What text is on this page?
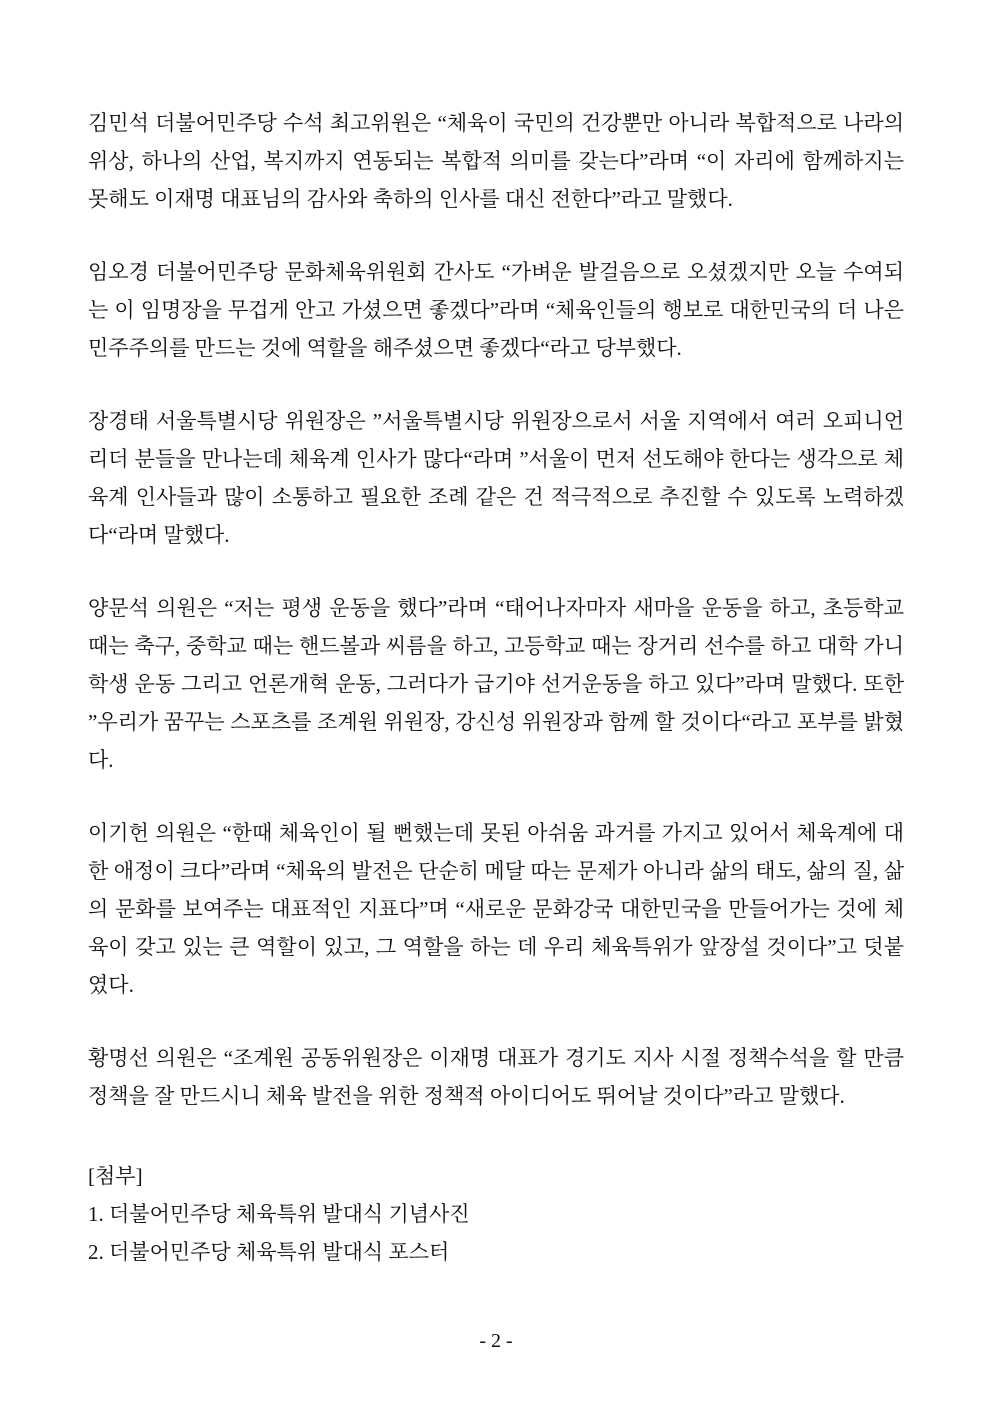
김민석 더불어민주당 수석 최고위원은 “체육이 국민의 건강뿐만 아니라 복합적으로 나라의 위상, 하나의 산업, 복지까지 연동되는 복합적 의미를 갖는다”라며 “이 자리에 함께하지는 못해도 이재명 대표님의 감사와 축하의 인사를 대신 전한다”라고 말했다.

임오경 더불어민주당 문화체육위원회 간사도 “가벼운 발걸음으로 오셨겠지만 오늘 수여되는 이 임명장을 무겁게 안고 가셨으면 좋겠다”라며 “체육인들의 행보로 대한민국의 더 나은 민주주의를 만드는 것에 역할을 해주셨으면 좋겠다“라고 당부했다.

장경태 서울특별시당 위원장은 ”서울특별시당 위원장으로서 서울 지역에서 여러 오피니언 리더 분들을 만나는데 체육계 인사가 많다“라며 ”서울이 먼저 선도해야 한다는 생각으로 체육계 인사들과 많이 소통하고 필요한 조례 같은 건 적극적으로 추진할 수 있도록 노력하겠다“라며 말했다.

양문석 의원은 “저는 평생 운동을 했다”라며 “태어나자마자 새마을 운동을 하고, 초등학교 때는 축구, 중학교 때는 핸드볼과 씨름을 하고, 고등학교 때는 장거리 선수를 하고 대학 가니 학생 운동 그리고 언론개혁 운동, 그러다가 급기야 선거운동을 하고 있다”라며 말했다. 또한 ”우리가 꿈꾸는 스포츠를 조계원 위원장, 강신성 위원장과 함께 할 것이다“라고 포부를 밝혔다.

이기헌 의원은 “한때 체육인이 될 뻔했는데 못된 아쉬움 과거를 가지고 있어서 체육계에 대한 애정이 크다”라며 “체육의 발전은 단순히 메달 따는 문제가 아니라 삶의 태도, 삶의 질, 삶의 문화를 보여주는 대표적인 지표다”며 “새로운 문화강국 대한민국을 만들어가는 것에 체육이 갖고 있는 큰 역할이 있고, 그 역할을 하는 데 우리 체육특위가 앞장설 것이다”고 덧붙였다.

황명선 의원은 “조계원 공동위원장은 이재명 대표가 경기도 지사 시절 정책수석을 할 만큼 정책을 잘 만드시니 체육 발전을 위한 정책적 아이디어도 뛰어날 것이다”라고 말했다.

[첨부]

1. 더불어민주당 체육특위 발대식 기념사진

2. 더불어민주당 체육특위 발대식 포스터

- 2 -
